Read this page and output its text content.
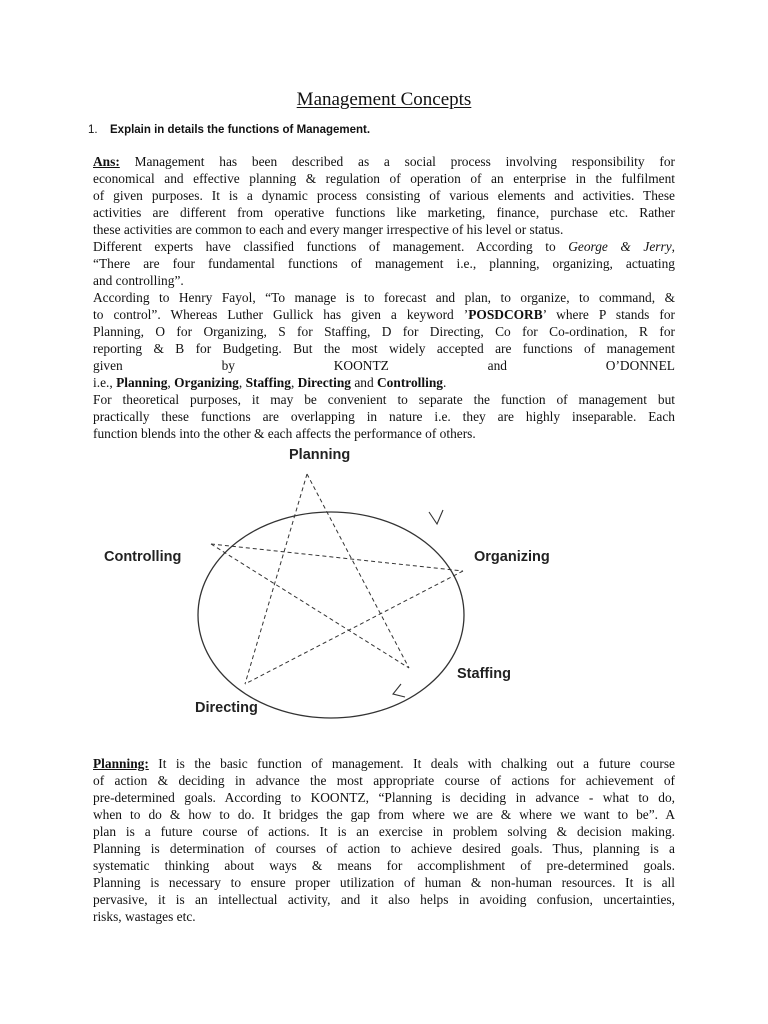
Management Concepts
1. Explain in details the functions of Management.
Ans: Management has been described as a social process involving responsibility for
economical and effective planning & regulation of operation of an enterprise in the fulfilment
of given purposes. It is a dynamic process consisting of various elements and activities. These
activities are different from operative functions like marketing, finance, purchase etc. Rather
these activities are common to each and every manger irrespective of his level or status.
Different experts have classified functions of management. According to George & Jerry,
“There are four fundamental functions of management i.e., planning, organizing, actuating
and controlling”.
According to Henry Fayol, “To manage is to forecast and plan, to organize, to command, &
to control”. Whereas Luther Gullick has given a keyword ’POSDCORB’ where P stands for
Planning, O for Organizing, S for Staffing, D for Directing, Co for Co-ordination, R for
reporting & B for Budgeting. But the most widely accepted are functions of management
given	by	KOONTZ	and	O’DONNEL
i.e., Planning, Organizing, Staffing, Directing and Controlling.
For theoretical purposes, it may be convenient to separate the function of management but
practically these functions are overlapping in nature i.e. they are highly inseparable. Each
function blends into the other & each affects the performance of others.
Planning
Organizing
Staffing
Directing
Controlling
Planning: It is the basic function of management. It deals with chalking out a future course
of action & deciding in advance the most appropriate course of actions for achievement of
pre-determined goals. According to KOONTZ, “Planning is deciding in advance - what to do,
when to do & how to do. It bridges the gap from where we are & where we want to be”. A
plan is a future course of actions. It is an exercise in problem solving & decision making.
Planning is determination of courses of action to achieve desired goals. Thus, planning is a
systematic thinking about ways & means for accomplishment of pre-determined goals.
Planning is necessary to ensure proper utilization of human & non-human resources. It is all
pervasive, it is an intellectual activity, and it also helps in avoiding confusion, uncertainties,
risks, wastages etc.
